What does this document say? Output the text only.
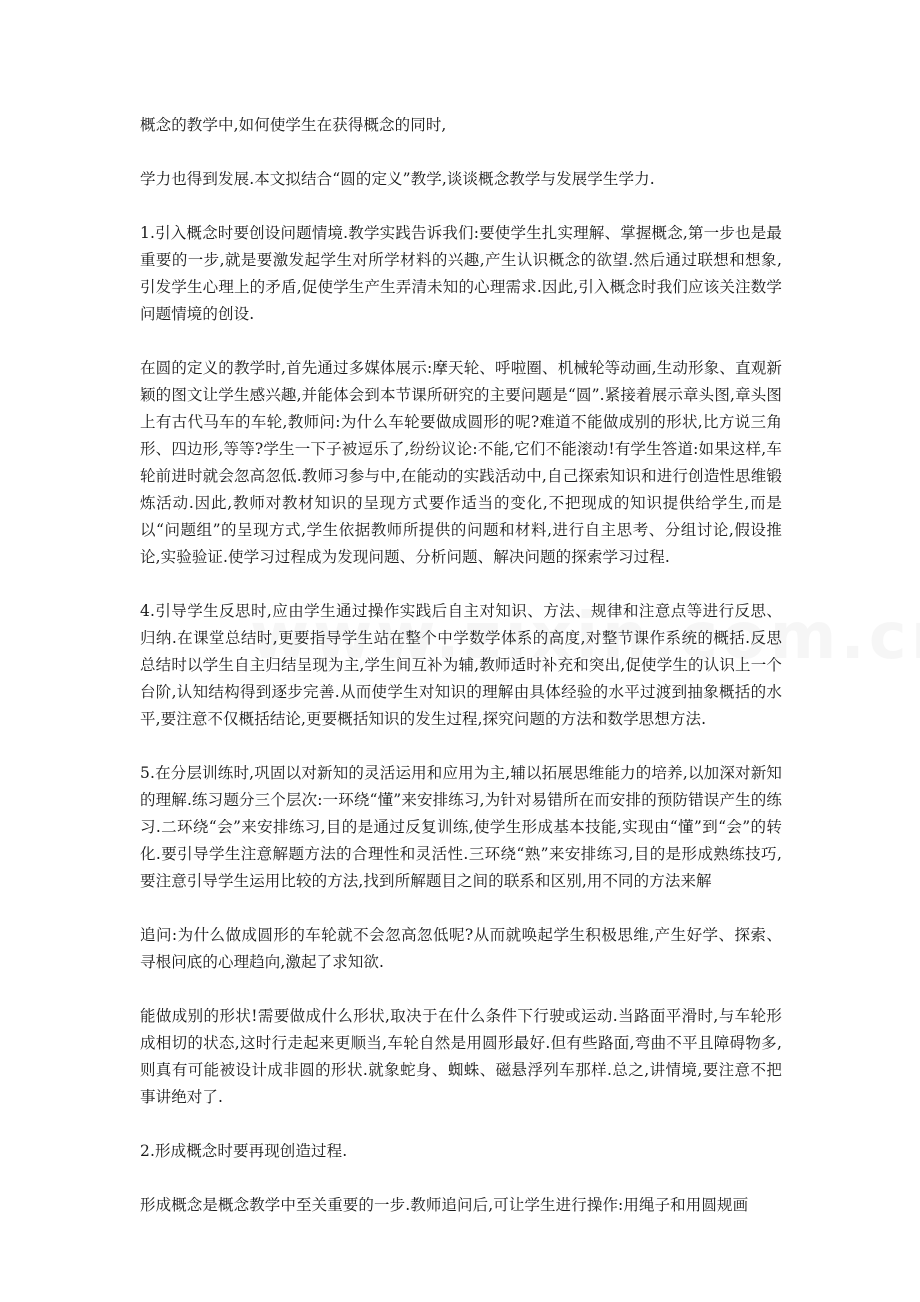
概念的教学中,如何使学生在获得概念的同时,

学力也得到发展.本文拟结合“圆的定义”教学,谈谈概念教学与发展学生学力.

1.引入概念时要创设问题情境.教学实践告诉我们:要使学生扎实理解、掌握概念,第一步也是最重要的一步,就是要激发起学生对所学材料的兴趣,产生认识概念的欲望.然后通过联想和想象,引发学生心理上的矛盾,促使学生产生弄清未知的心理需求.因此,引入概念时我们应该关注数学问题情境的创设.

在圆的定义的教学时,首先通过多媒体展示:摩天轮、呼啦圈、机械轮等动画,生动形象、直观新颖的图文让学生感兴趣,并能体会到本节课所研究的主要问题是“圆”.紧接着展示章头图,章头图上有古代马车的车轮,教师问:为什么车轮要做成圆形的呢?难道不能做成别的形状,比方说三角形、四边形,等等?学生一下子被逗乐了,纷纷议论:不能,它们不能滚动!有学生答道:如果这样,车轮前进时就会忽高忽低.教师习参与中,在能动的实践活动中,自己探索知识和进行创造性思维锻炼活动.因此,教师对教材知识的呈现方式要作适当的变化,不把现成的知识提供给学生,而是以“问题组”的呈现方式,学生依据教师所提供的问题和材料,进行自主思考、分组讨论,假设推论,实验验证.使学习过程成为发现问题、分析问题、解决问题的探索学习过程.

4.引导学生反思时,应由学生通过操作实践后自主对知识、方法、规律和注意点等进行反思、归纳.在课堂总结时,更要指导学生站在整个中学数学体系的高度,对整节课作系统的概括.反思总结时以学生自主归结呈现为主,学生间互补为辅,教师适时补充和突出,促使学生的认识上一个台阶,认知结构得到逐步完善.从而使学生对知识的理解由具体经验的水平过渡到抽象概括的水平,要注意不仅概括结论,更要概括知识的发生过程,探究问题的方法和数学思想方法.

5.在分层训练时,巩固以对新知的灵活运用和应用为主,辅以拓展思维能力的培养,以加深对新知的理解.练习题分三个层次:一环绕“懂”来安排练习,为针对易错所在而安排的预防错误产生的练习.二环绕“会”来安排练习,目的是通过反复训练,使学生形成基本技能,实现由“懂”到“会”的转化.要引导学生注意解题方法的合理性和灵活性.三环绕“熟”来安排练习,目的是形成熟练技巧,要注意引导学生运用比较的方法,找到所解题目之间的联系和区别,用不同的方法来解

追问:为什么做成圆形的车轮就不会忽高忽低呢?从而就唤起学生积极思维,产生好学、探索、寻根问底的心理趋向,激起了求知欲.

能做成别的形状!需要做成什么形状,取决于在什么条件下行驶或运动.当路面平滑时,与车轮形成相切的状态,这时行走起来更顺当,车轮自然是用圆形最好.但有些路面,弯曲不平且障碍物多,则真有可能被设计成非圆的形状.就象蛇身、蜘蛛、磁悬浮列车那样.总之,讲情境,要注意不把事讲绝对了.

2.形成概念时要再现创造过程.

形成概念是概念教学中至关重要的一步.教师追问后,可让学生进行操作:用绳子和用圆规画
